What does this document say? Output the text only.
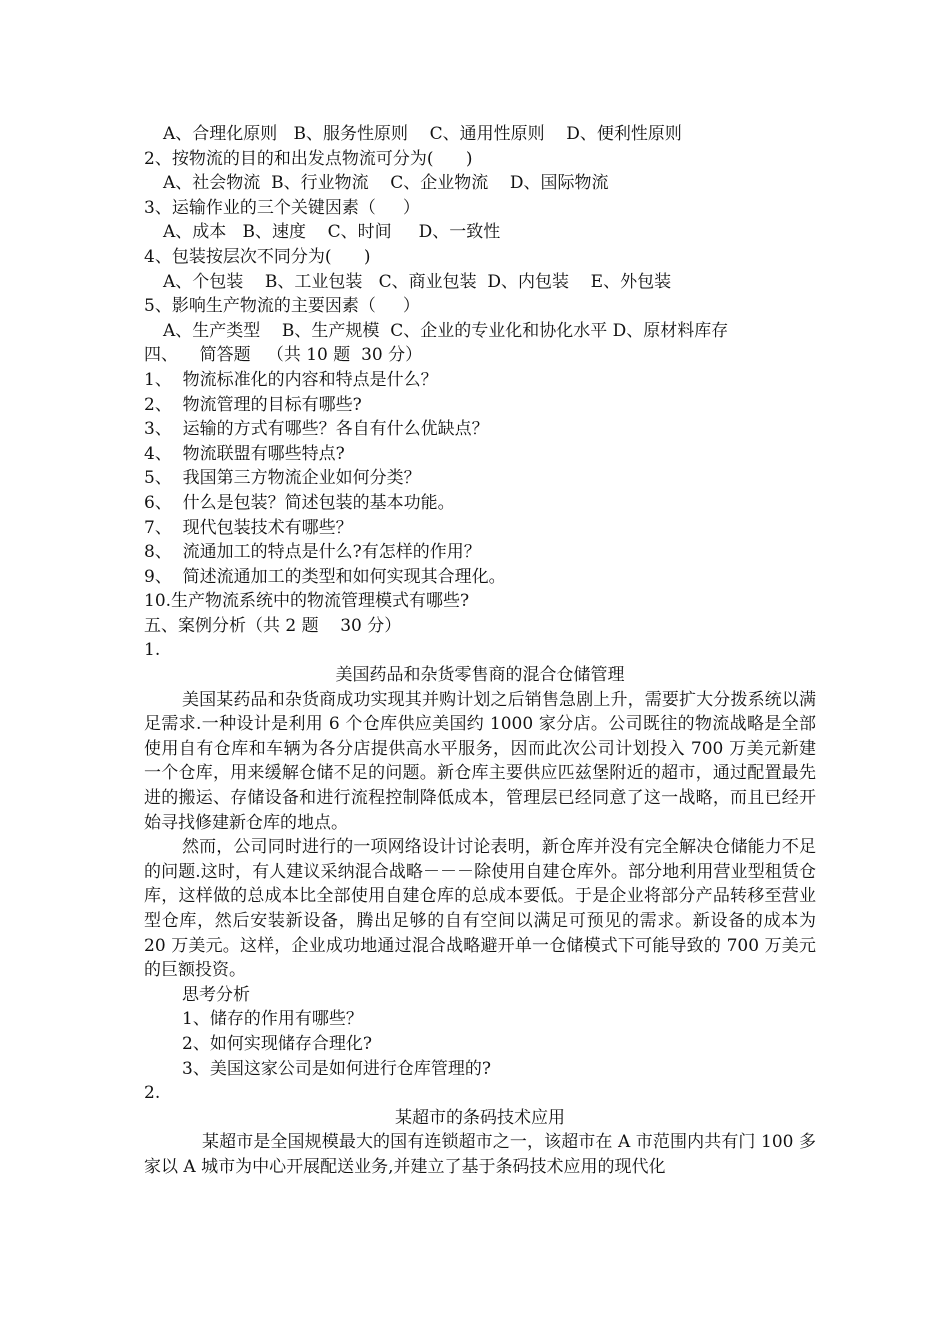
A、合理化原则   B、服务性原则    C、通用性原则    D、便利性原则
2、按物流的目的和出发点物流可分为(      )
A、社会物流  B、行业物流    C、企业物流    D、国际物流
3、运输作业的三个关键因素（     ）
A、成本   B、速度    C、时间     D、一致性
4、包装按层次不同分为(      )
A、个包装    B、工业包装   C、商业包装  D、内包装    E、外包装
5、影响生产物流的主要因素（     ）
A、生产类型    B、生产规模  C、企业的专业化和协化水平 D、原材料库存
四、    简答题   （共 10 题  30 分）
1、  物流标准化的内容和特点是什么？
2、  物流管理的目标有哪些?
3、  运输的方式有哪些？各自有什么优缺点？
4、  物流联盟有哪些特点?
5、  我国第三方物流企业如何分类？
6、  什么是包装？简述包装的基本功能。
7、  现代包装技术有哪些？
8、  流通加工的特点是什么?有怎样的作用？
9、  简述流通加工的类型和如何实现其合理化。
10.生产物流系统中的物流管理模式有哪些?
五、案例分析（共 2 题    30 分）
1.
美国药品和杂货零售商的混合仓储管理
美国某药品和杂货商成功实现其并购计划之后销售急剧上升，需要扩大分拨系统以满足需求.一种设计是利用 6 个仓库供应美国约 1000 家分店。公司既往的物流战略是全部使用自有仓库和车辆为各分店提供高水平服务，因而此次公司计划投入 700 万美元新建一个仓库，用来缓解仓储不足的问题。新仓库主要供应匹兹堡附近的超市，通过配置最先进的搬运、存储设备和进行流程控制降低成本，管理层已经同意了这一战略，而且已经开始寻找修建新仓库的地点。
然而，公司同时进行的一项网络设计讨论表明，新仓库并没有完全解决仓储能力不足的问题.这时，有人建议采纳混合战略－－－除使用自建仓库外。部分地利用营业型租赁仓库，这样做的总成本比全部使用自建仓库的总成本要低。于是企业将部分产品转移至营业型仓库，然后安装新设备，腾出足够的自有空间以满足可预见的需求。新设备的成本为 20 万美元。这样，企业成功地通过混合战略避开单一仓储模式下可能导致的 700 万美元的巨额投资。
思考分析
1、储存的作用有哪些？
2、如何实现储存合理化?
3、美国这家公司是如何进行仓库管理的?
2.
某超市的条码技术应用
某超市是全国规模最大的国有连锁超市之一，该超市在 A 市范围内共有门 100 多家以 A 城市为中心开展配送业务,并建立了基于条码技术应用的现代化
